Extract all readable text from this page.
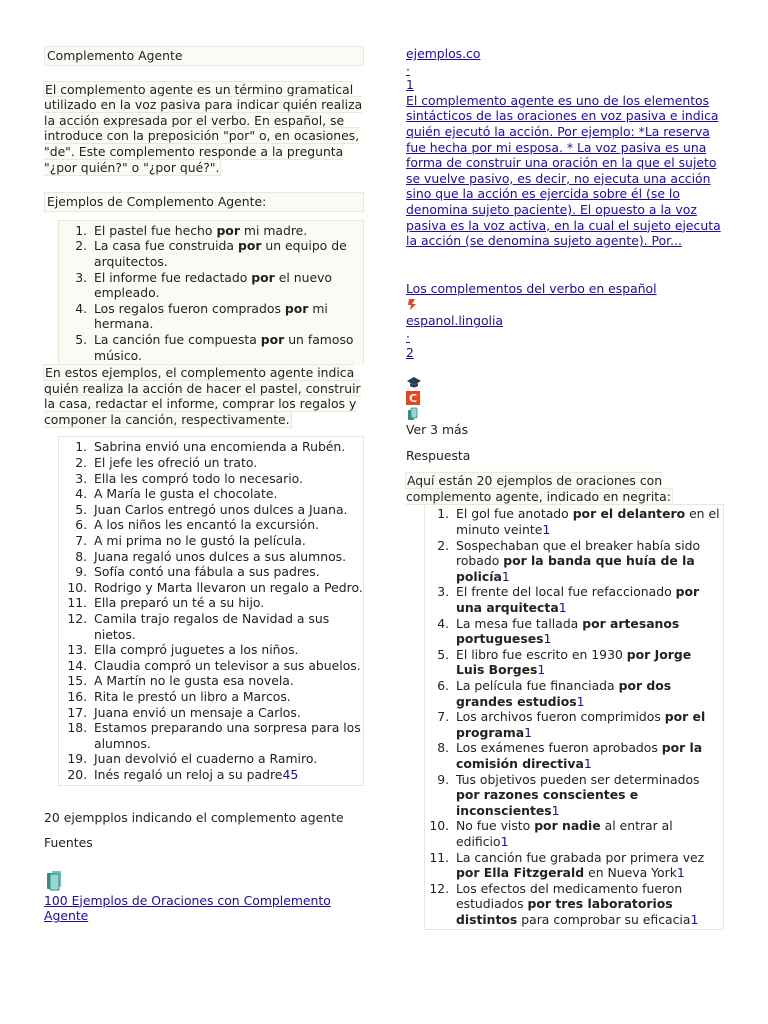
Complemento Agente

El complemento agente es un término gramatical utilizado en la voz pasiva para indicar quién realiza la acción expresada por el verbo. En español, se introduce con la preposición "por" o, en ocasiones, "de". Este complemento responde a la pregunta "¿por quién?" o "¿por qué?".

Ejemplos de Complemento Agente:
1. El pastel fue hecho por mi madre.
2. La casa fue construida por un equipo de arquitectos.
3. El informe fue redactado por el nuevo empleado.
4. Los regalos fueron comprados por mi hermana.
5. La canción fue compuesta por un famoso músico.

En estos ejemplos, el complemento agente indica quién realiza la acción de hacer el pastel, construir la casa, redactar el informe, comprar los regalos y componer la canción, respectivamente.

1. Sabrina envió una encomienda a Rubén.
2. El jefe les ofreció un trato.
3. Ella les compró todo lo necesario.
4. A María le gusta el chocolate.
5. Juan Carlos entregó unos dulces a Juana.
6. A los niños les encantó la excursión.
7. A mi prima no le gustó la película.
8. Juana regaló unos dulces a sus alumnos.
9. Sofía contó una fábula a sus padres.
10. Rodrigo y Marta llevaron un regalo a Pedro.
11. Ella preparó un té a su hijo.
12. Camila trajo regalos de Navidad a sus nietos.
13. Ella compró juguetes a los niños.
14. Claudia compró un televisor a sus abuelos.
15. A Martín no le gusta esa novela.
16. Rita le prestó un libro a Marcos.
17. Juana envió un mensaje a Carlos.
18. Estamos preparando una sorpresa para los alumnos.
19. Juan devolvió el cuaderno a Ramiro.
20. Inés regaló un reloj a su padre45

20 ejempplos indicando el complemento agente

Fuentes

100 Ejemplos de Oraciones con Complemento Agente
ejemplos.co
·
1
El complemento agente es uno de los elementos sintácticos de las oraciones en voz pasiva e indica quién ejecutó la acción. Por ejemplo: *La reserva fue hecha por mi esposa. * La voz pasiva es una forma de construir una oración en la que el sujeto se vuelve pasivo, es decir, no ejecuta una acción sino que la acción es ejercida sobre él (se lo denomina sujeto paciente). El opuesto a la voz pasiva es la voz activa, en la cual el sujeto ejecuta la acción (se denomina sujeto agente). Por...
Los complementos del verbo en español
espanol.lingolia
·
2
C
Ver 3 más
Respuesta

Aquí están 20 ejemplos de oraciones con complemento agente, indicado en negrita:

1. El gol fue anotado por el delantero en el minuto veinte1
2. Sospechaban que el breaker había sido robado por la banda que huía de la policía1
3. El frente del local fue refaccionado por una arquitecta1
4. La mesa fue tallada por artesanos portugueses1
5. El libro fue escrito en 1930 por Jorge Luis Borges1
6. La película fue financiada por dos grandes estudios1
7. Los archivos fueron comprimidos por el programa1
8. Los exámenes fueron aprobados por la comisión directiva1
9. Tus objetivos pueden ser determinados por razones conscientes e inconscientes1
10. No fue visto por nadie al entrar al edificio1
11. La canción fue grabada por primera vez por Ella Fitzgerald en Nueva York1
12. Los efectos del medicamento fueron estudiados por tres laboratorios distintos para comprobar su eficacia1
